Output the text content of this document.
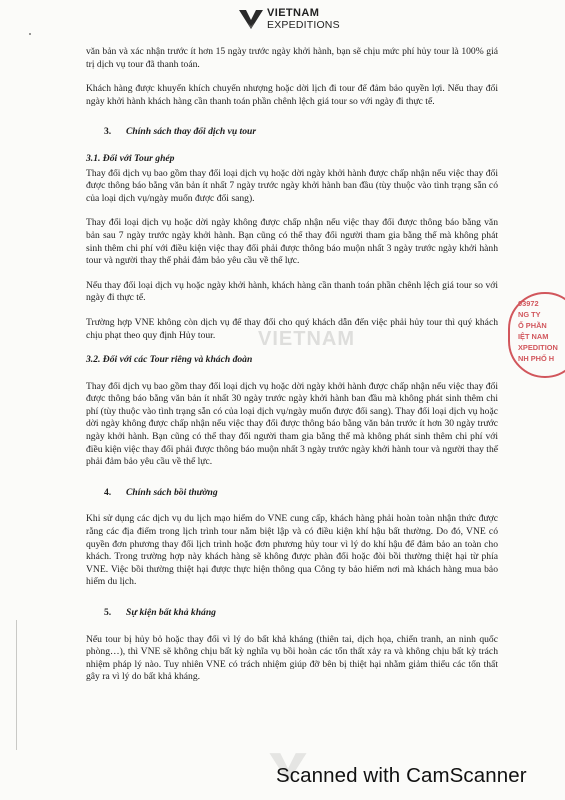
VIETNAM
EXPEDITIONS

văn bản và xác nhận trước ít hơn 15 ngày trước ngày khởi hành, bạn sẽ chịu mức phí hủy tour là 100% giá trị dịch vụ tour đã thanh toán.

Khách hàng được khuyến khích chuyển nhượng hoặc dời lịch đi tour để đảm bảo quyền lợi. Nếu thay đổi ngày khởi hành khách hàng cần thanh toán phần chênh lệch giá tour so với ngày đi thực tế.

3. Chính sách thay đổi dịch vụ tour
3.1. Đối với Tour ghép

Thay đổi dịch vụ bao gồm thay đổi loại dịch vụ hoặc dời ngày khởi hành được chấp nhận nếu việc thay đổi được thông báo bằng văn bản ít nhất 7 ngày trước ngày khởi hành ban đầu (tùy thuộc vào tình trạng sẵn có của loại dịch vụ/ngày muốn được đổi sang).

Thay đổi loại dịch vụ hoặc dời ngày không được chấp nhận nếu việc thay đổi được thông báo bằng văn bản sau 7 ngày trước ngày khởi hành. Bạn cũng có thể thay đổi người tham gia bằng thế mà không phát sinh thêm chi phí với điều kiện việc thay đổi phải được thông báo muộn nhất 3 ngày trước ngày khởi hành tour và người thay thế phải đảm bảo yêu cầu về thể lực.

Nếu thay đổi loại dịch vụ hoặc ngày khởi hành, khách hàng cần thanh toán phần chênh lệch giá tour so với ngày đi thực tế.

Trường hợp VNE không còn dịch vụ để thay đổi cho quý khách dẫn đến việc phải hủy tour thì quý khách chịu phạt theo quy định Hủy tour.

3.2. Đối với các Tour riêng và khách đoàn

Thay đổi dịch vụ bao gồm thay đổi loại dịch vụ hoặc dời ngày khởi hành được chấp nhận nếu việc thay đổi được thông báo bằng văn bản ít nhất 30 ngày trước ngày khởi hành ban đầu mà không phát sinh thêm chi phí (tùy thuộc vào tình trạng sẵn có của loại dịch vụ/ngày muốn được đổi sang). Thay đổi loại dịch vụ hoặc dời ngày không được chấp nhận nếu việc thay đổi được thông báo bằng văn bản trước ít hơn 30 ngày trước ngày khởi hành. Bạn cũng có thể thay đổi người tham gia bằng thế mà không phát sinh thêm chi phí với điều kiện việc thay đổi phải được thông báo muộn nhất 3 ngày trước ngày khởi hành tour và người thay thế phải đảm bảo yêu cầu về thể lực.

4. Chính sách bồi thường

Khi sử dụng các dịch vụ du lịch mạo hiểm do VNE cung cấp, khách hàng phải hoàn toàn nhận thức được rằng các địa điểm trong lịch trình tour nằm biệt lập và có điều kiện khí hậu bất thường. Do đó, VNE có quyền đơn phương thay đổi lịch trình hoặc đơn phương hủy tour vì lý do khí hậu để đảm bảo an toàn cho khách. Trong trường hợp này khách hàng sẽ không được phàn đối hoặc đòi bồi thường thiệt hại từ phía VNE. Việc bồi thường thiệt hại được thực hiện thông qua Công ty bảo hiểm nơi mà khách hàng mua bảo hiểm du lịch.

5. Sự kiện bất khả kháng

Nếu tour bị hủy bỏ hoặc thay đổi vì lý do bất khả kháng (thiên tai, dịch họa, chiến tranh, an ninh quốc phòng…), thì VNE sẽ không chịu bất kỳ nghĩa vụ bồi hoàn các tổn thất xảy ra và không chịu bất kỳ trách nhiệm pháp lý nào. Tuy nhiên VNE có trách nhiệm giúp đỡ bên bị thiệt hại nhằm giảm thiểu các tổn thất gây ra vì lý do bất khả kháng.

VIETNAM
03972
NG TY
Ổ PHẦN
IỆT NAM
XPEDITION
NH PHỐ H
Scanned with CamScanner
